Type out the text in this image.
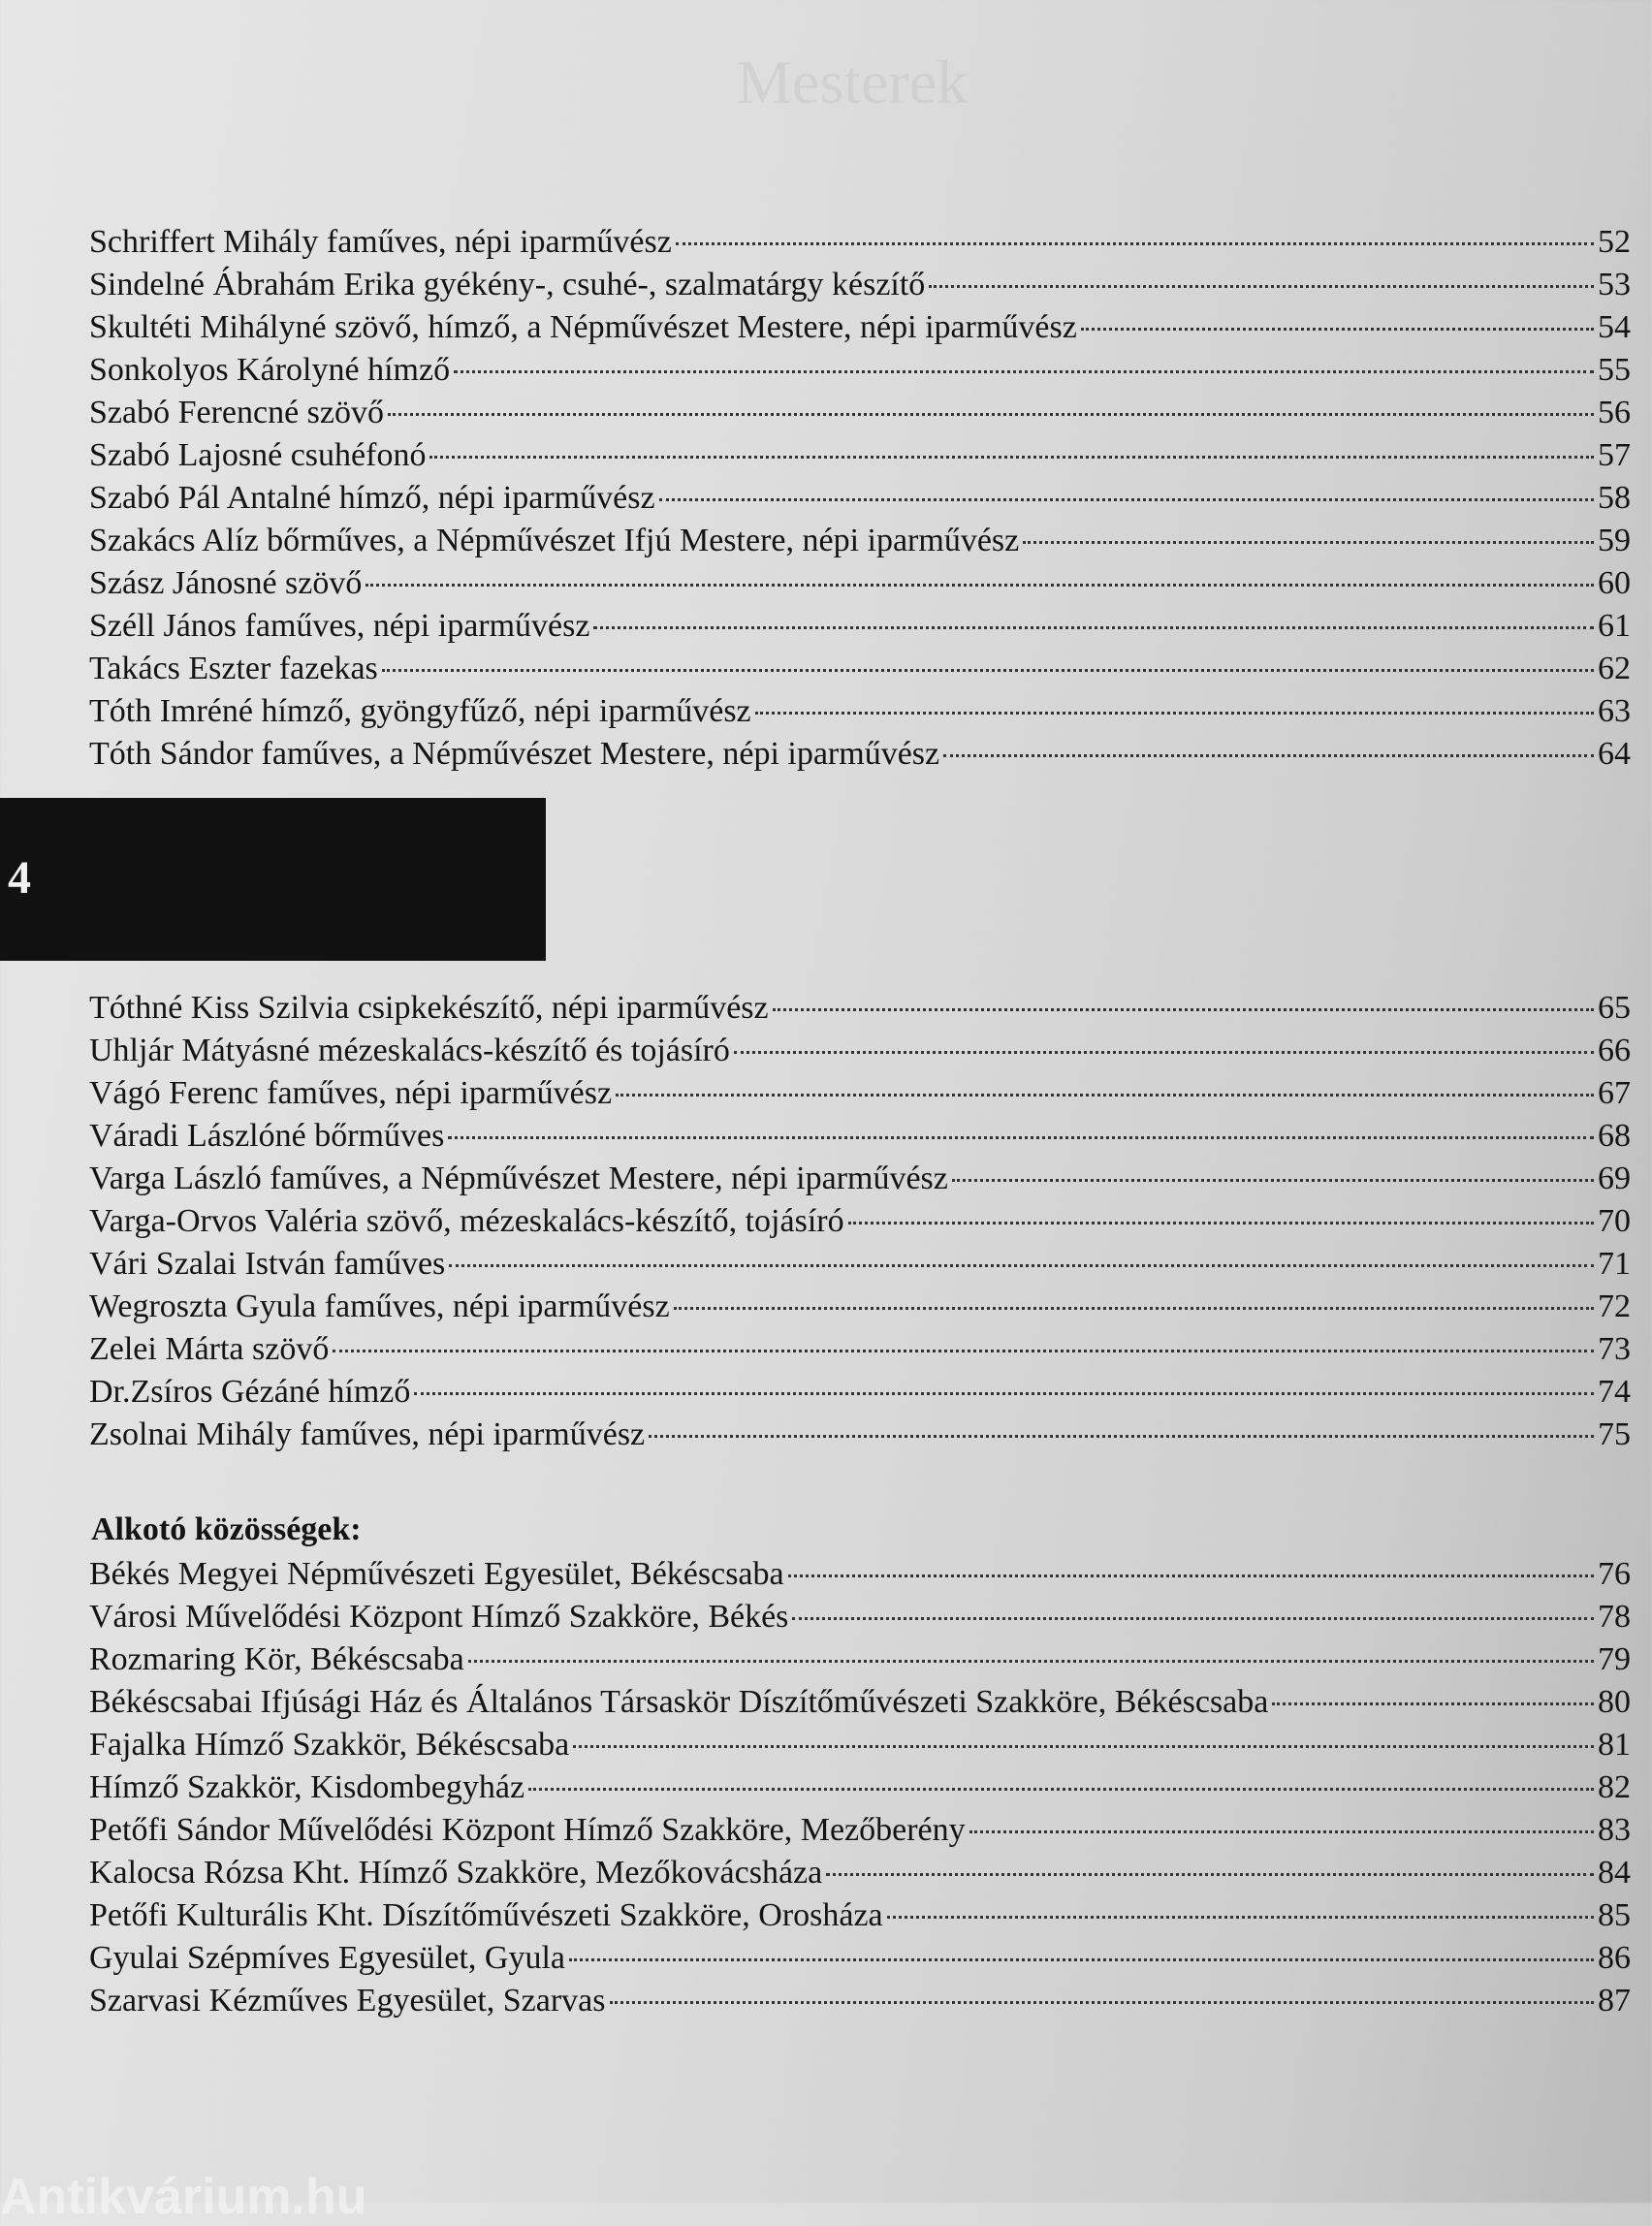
Mesterek
Schriffert Mihály faműves, népi iparművész	52
Sindelné Ábrahám Erika gyékény-, csuhé-, szalmatárgy készítő	53
Skultéti Mihályné szövő, hímző, a Népművészet Mestere, népi iparművész	54
Sonkolyos Károlyné hímző	55
Szabó Ferencné szövő	56
Szabó Lajosné csuhéfonó	57
Szabó Pál Antalné hímző, népi iparművész	58
Szakács Alíz bőrműves, a Népművészet Ifjú Mestere, népi iparművész	59
Szász Jánosné szövő	60
Széll János faműves, népi iparművész	61
Takács Eszter fazekas	62
Tóth Imréné hímző, gyöngyfűző, népi iparművész	63
Tóth Sándor faműves, a Népművészet Mestere, népi iparművész	64
4
Tóthné Kiss Szilvia csipkekészítő, népi iparművész	65
Uhljár Mátyásné mézeskalács-készítő és tojásíró	66
Vágó Ferenc faműves, népi iparművész	67
Váradi Lászlóné bőrműves	68
Varga László faműves, a Népművészet Mestere, népi iparművész	69
Varga-Orvos Valéria szövő, mézeskalács-készítő, tojásíró	70
Vári Szalai István faműves	71
Wegroszta Gyula faműves, népi iparművész	72
Zelei Márta szövő	73
Dr.Zsíros Gézáné hímző	74
Zsolnai Mihály faműves, népi iparművész	75
Alkotó közösségek:
Békés Megyei Népművészeti Egyesület, Békéscsaba	76
Városi Művelődési Központ Hímző Szakköre, Békés	78
Rozmaring Kör, Békéscsaba	79
Békéscsabai Ifjúsági Ház és Általános Társaskör Díszítőművészeti Szakköre, Békéscsaba	80
Fajalka Hímző Szakkör, Békéscsaba	81
Hímző Szakkör, Kisdombegyház	82
Petőfi Sándor Művelődési Központ Hímző Szakköre, Mezőberény	83
Kalocsa Rózsa Kht. Hímző Szakköre, Mezőkovácsháza	84
Petőfi Kulturális Kht. Díszítőművészeti Szakköre, Orosháza	85
Gyulai Szépmíves Egyesület, Gyula	86
Szarvasi Kézműves Egyesület, Szarvas	87
Antikvárium.hu
